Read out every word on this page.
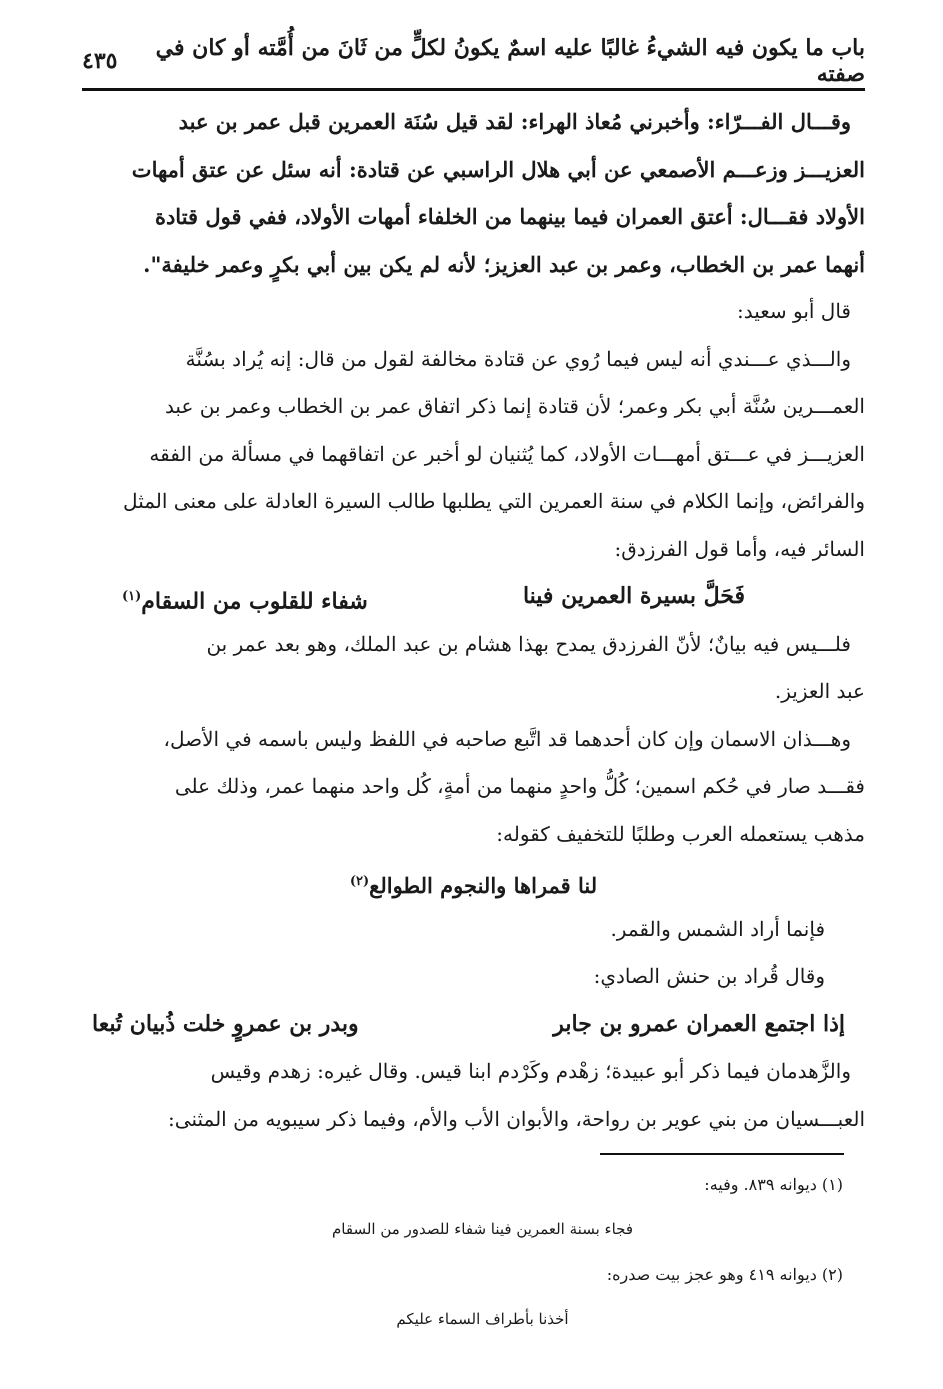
باب ما يكون فيه الشيءُ غالبًا عليه اسمٌ يكونُ لكلٍّ من ثَانَ من أُمَّته أو كان في صفته
٤٣٥
وقـــال الفـــرّاء: وأخبرني مُعاذ الهراء: لقد قيل سُنَة العمرين قبل عمر بن عبد
العزيـــز وزعـــم الأصمعي عن أبي هلال الراسبي عن قتادة: أنه سئل عن عتق أمهات
الأولاد فقـــال: أعتق العمران فيما بينهما من الخلفاء أمهات الأولاد، ففي قول قتادة
أنهما عمر بن الخطاب، وعمر بن عبد العزيز؛ لأنه لم يكن بين أبي بكرٍ وعمر خليفة".
قال أبو سعيد:
والـــذي عـــندي أنه ليس فيما رُوي عن قتادة مخالفة لقول من قال: إنه يُراد بسُنَّة
العمـــرين سُنَّة أبي بكر وعمر؛ لأن قتادة إنما ذكر اتفاق عمر بن الخطاب وعمر بن عبد
العزيـــز في عـــتق أمهـــات الأولاد، كما يُثنيان لو أخبر عن اتفاقهما في مسألة من الفقه
والفرائض، وإنما الكلام في سنة العمرين التي يطلبها طالب السيرة العادلة على معنى المثل
السائر فيه، وأما قول الفرزدق:
فَحَلَّ بسيرة العمرين فينا
شفاء للقلوب من السقام$^{(١)}$
فلـــيس فيه بيانٌ؛ لأنّ الفرزدق يمدح بهذا هشام بن عبد الملك، وهو بعد عمر بن
عبد العزيز.
وهـــذان الاسمان وإن كان أحدهما قد اتَّبع صاحبه في اللفظ وليس باسمه في الأصل،
فقـــد صار في حُكم اسمين؛ كُلُّ واحدٍ منهما من أمةٍ، كُل واحد منهما عمر، وذلك على
مذهب يستعمله العرب وطلبًا للتخفيف كقوله:
لنا قمراها والنجوم الطوالع$^{(٢)}$
فإنما أراد الشمس والقمر.
وقال قُراد بن حنش الصادي:
إذا اجتمع العمران عمرو بن جابر
وبدر بن عمروٍ خلت ذُبيان تُبعا
والزَّهدمان فيما ذكر أبو عبيدة؛ زهْدم وكَرْدم ابنا قيس. وقال غيره: زهدم وقيس
العبـــسيان من بني عوير بن رواحة، والأبوان الأب والأم، وفيما ذكر سيبويه من المثنى:
(١) ديوانه ٨٣٩. وفيه:
فجاء بسنة العمرين فينا شفاء للصدور من السقام
(٢) ديوانه ٤١٩ وهو عجز بيت صدره:
أخذنا بأطراف السماء عليكم
